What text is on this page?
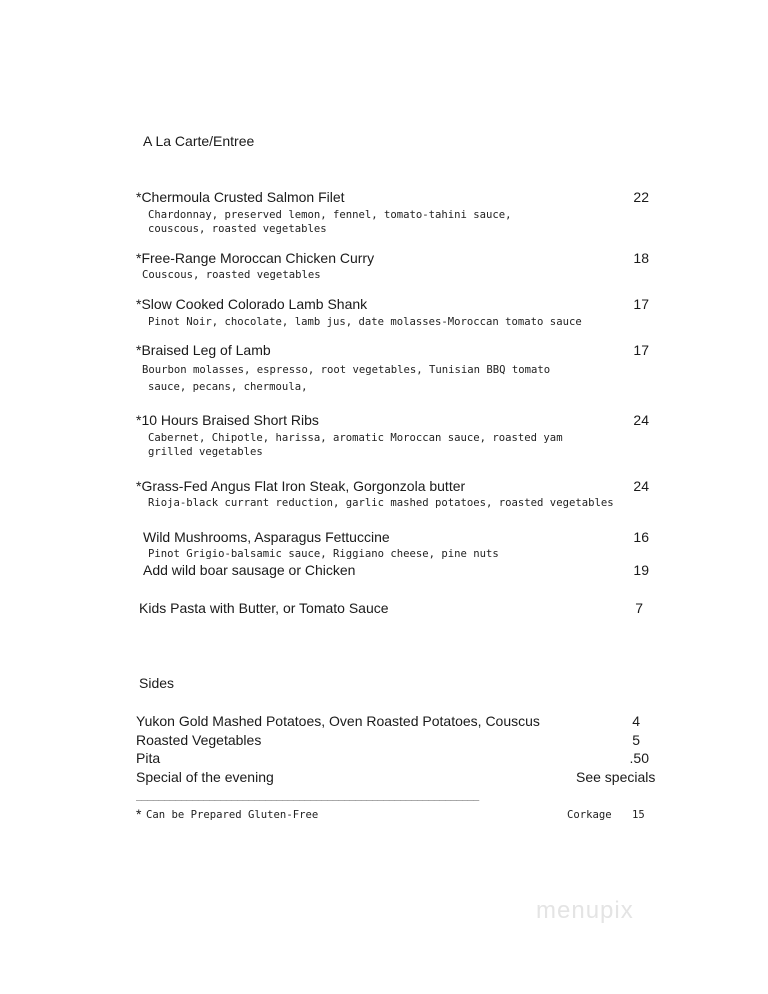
A La Carte/Entree
*Chermoula Crusted Salmon Filet	22
Chardonnay, preserved lemon, fennel, tomato-tahini sauce,
couscous, roasted vegetables
*Free-Range Moroccan Chicken Curry	18
Couscous, roasted vegetables
*Slow Cooked Colorado Lamb Shank	17
Pinot Noir, chocolate, lamb jus, date molasses-Moroccan tomato sauce
*Braised Leg of Lamb	17
Bourbon molasses, espresso, root vegetables, Tunisian BBQ tomato
sauce, pecans, chermoula,
*10 Hours Braised Short Ribs	24
Cabernet, Chipotle, harissa, aromatic Moroccan sauce, roasted yam
grilled vegetables
*Grass-Fed Angus Flat Iron Steak, Gorgonzola butter	24
Rioja-black currant reduction, garlic mashed potatoes, roasted vegetables
Wild Mushrooms, Asparagus Fettuccine	16
Pinot Grigio-balsamic sauce, Riggiano cheese, pine nuts
Add wild boar sausage or Chicken	19
Kids Pasta with Butter, or Tomato Sauce	7
Sides
Yukon Gold Mashed Potatoes, Oven Roasted Potatoes, Couscus	4
Roasted Vegetables	5
Pita	.50
Special of the evening	See specials
_____________________________________________________________
* Can be Prepared Gluten-Free	Corkage 15
menupix
